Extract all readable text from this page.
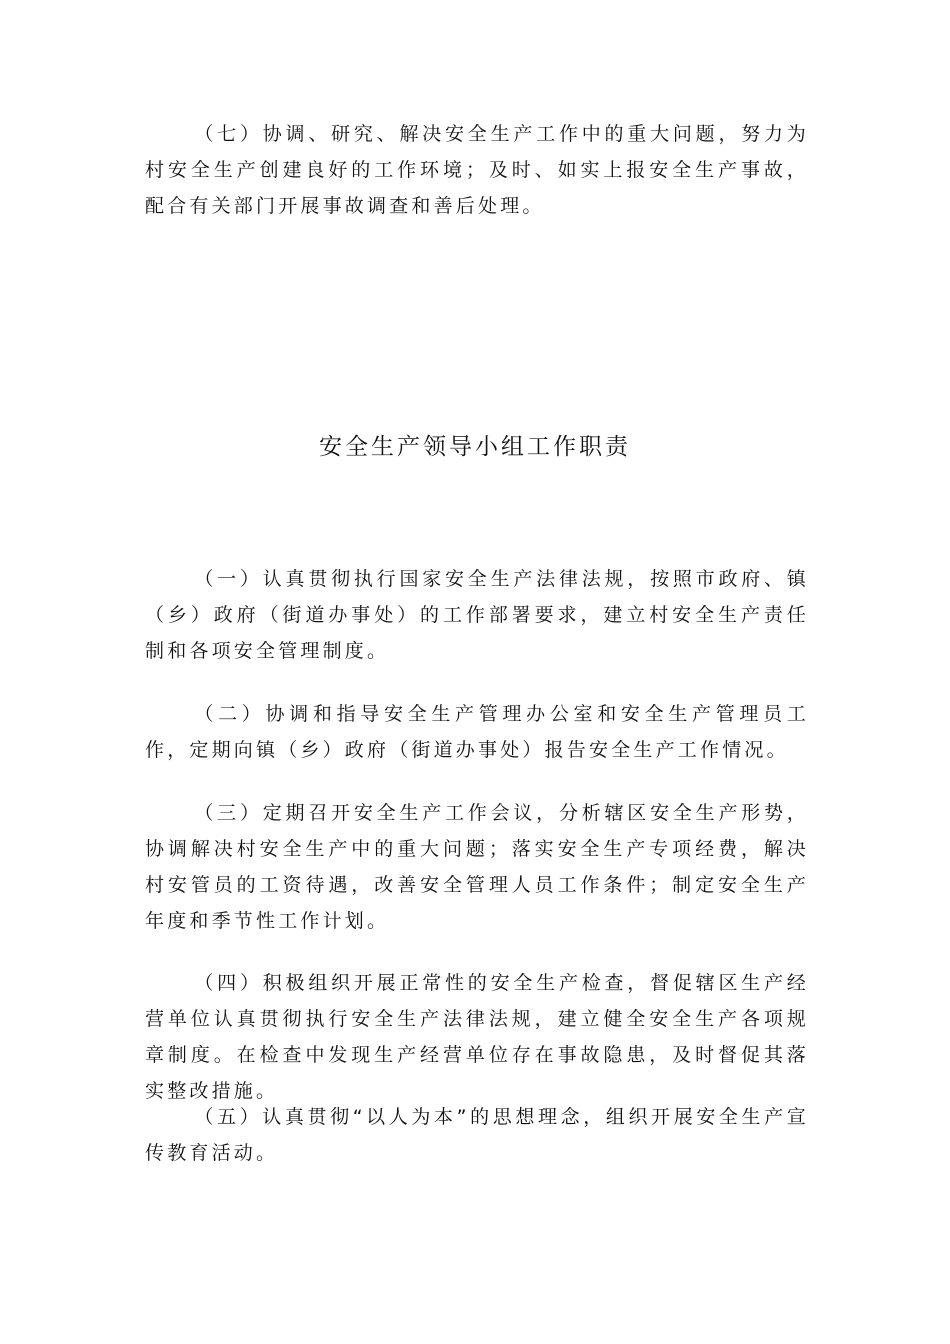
（七）协调、研究、解决安全生产工作中的重大问题，努力为村安全生产创建良好的工作环境；及时、如实上报安全生产事故，配合有关部门开展事故调查和善后处理。

安全生产领导小组工作职责

（一）认真贯彻执行国家安全生产法律法规，按照市政府、镇（乡）政府（街道办事处）的工作部署要求，建立村安全生产责任制和各项安全管理制度。

（二）协调和指导安全生产管理办公室和安全生产管理员工作，定期向镇（乡）政府（街道办事处）报告安全生产工作情况。

（三）定期召开安全生产工作会议，分析辖区安全生产形势，协调解决村安全生产中的重大问题；落实安全生产专项经费，解决村安管员的工资待遇，改善安全管理人员工作条件；制定安全生产年度和季节性工作计划。

（四）积极组织开展正常性的安全生产检查，督促辖区生产经营单位认真贯彻执行安全生产法律法规，建立健全安全生产各项规章制度。在检查中发现生产经营单位存在事故隐患，及时督促其落实整改措施。

（五）认真贯彻“以人为本”的思想理念，组织开展安全生产宣传教育活动。
